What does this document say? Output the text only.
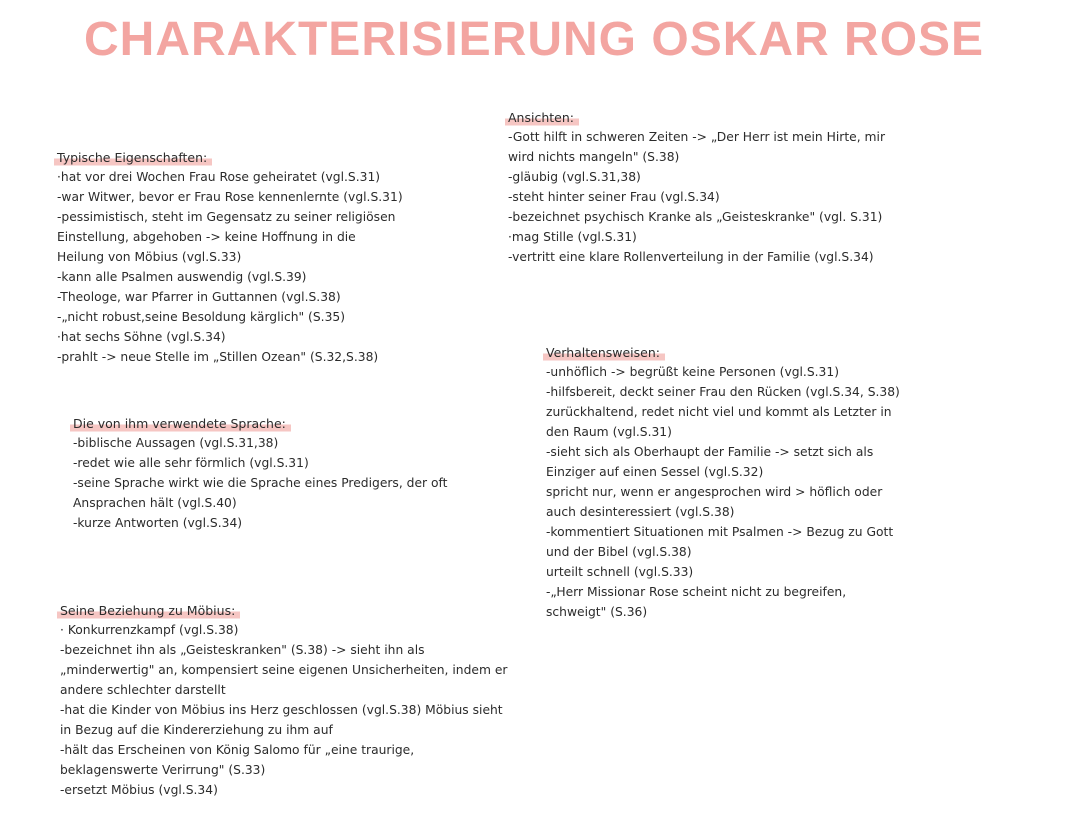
CHARAKTERISIERUNG OSKAR ROSE
Typische Eigenschaften:
·hat vor drei Wochen Frau Rose geheiratet (vgl.S.31)
-war Witwer, bevor er Frau Rose kennenlernte (vgl.S.31)
-pessimistisch, steht im Gegensatz zu seiner religiösen
Einstellung, abgehoben -> keine Hoffnung in die
Heilung von Möbius (vgl.S.33)
-kann alle Psalmen auswendig (vgl.S.39)
-Theologe, war Pfarrer in Guttannen (vgl.S.38)
-„nicht robust,seine Besoldung kärglich" (S.35)
·hat sechs Söhne (vgl.S.34)
-prahlt -> neue Stelle im „Stillen Ozean" (S.32,S.38)
Ansichten:
-Gott hilft in schweren Zeiten -> „Der Herr ist mein Hirte, mir
wird nichts mangeln" (S.38)
-gläubig (vgl.S.31,38)
-steht hinter seiner Frau (vgl.S.34)
-bezeichnet psychisch Kranke als „Geisteskranke" (vgl. S.31)
·mag Stille (vgl.S.31)
-vertritt eine klare Rollenverteilung in der Familie (vgl.S.34)
Die von ihm verwendete Sprache:
-biblische Aussagen (vgl.S.31,38)
-redet wie alle sehr förmlich (vgl.S.31)
-seine Sprache wirkt wie die Sprache eines Predigers, der oft
Ansprachen hält (vgl.S.40)
-kurze Antworten (vgl.S.34)
Verhaltensweisen:
-unhöflich -> begrüßt keine Personen (vgl.S.31)
-hilfsbereit, deckt seiner Frau den Rücken (vgl.S.34, S.38)
zurückhaltend, redet nicht viel und kommt als Letzter in
den Raum (vgl.S.31)
-sieht sich als Oberhaupt der Familie -> setzt sich als
Einziger auf einen Sessel (vgl.S.32)
spricht nur, wenn er angesprochen wird > höflich oder
auch desinteressiert (vgl.S.38)
-kommentiert Situationen mit Psalmen -> Bezug zu Gott
und der Bibel (vgl.S.38)
urteilt schnell (vgl.S.33)
-„Herr Missionar Rose scheint nicht zu begreifen,
schweigt" (S.36)
Seine Beziehung zu Möbius:
· Konkurrenzkampf (vgl.S.38)
-bezeichnet ihn als „Geisteskranken" (S.38) -> sieht ihn als
„minderwertig" an, kompensiert seine eigenen Unsicherheiten, indem er
andere schlechter darstellt
-hat die Kinder von Möbius ins Herz geschlossen (vgl.S.38) Möbius sieht
in Bezug auf die Kindererziehung zu ihm auf
-hält das Erscheinen von König Salomo für „eine traurige,
beklagenswerte Verirrung" (S.33)
-ersetzt Möbius (vgl.S.34)
